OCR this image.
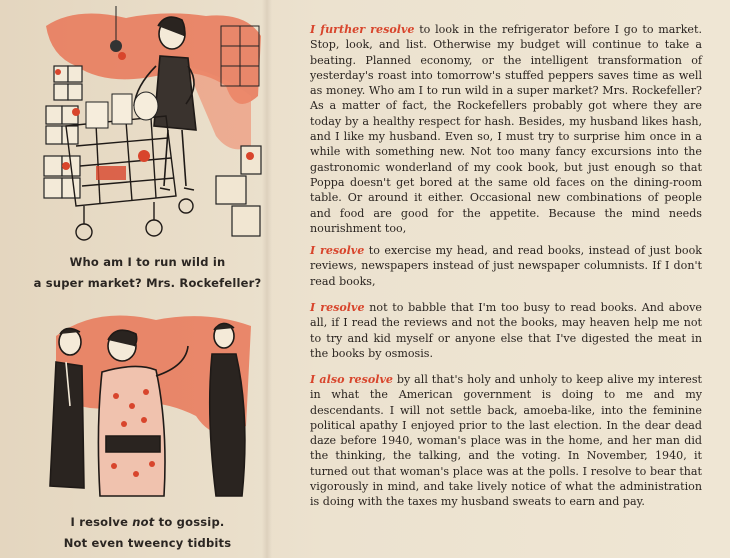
Who am I to run wild in
a super market? Mrs. Rockefeller?
I resolve not to gossip.
Not even tweency tidbits

I further resolve to look in the refrigerator before I go to market. Stop, look, and list. Otherwise my budget will continue to take a beating. Planned economy, or the intelligent transformation of yesterday's roast into tomorrow's stuffed peppers saves time as well as money. Who am I to run wild in a super market? Mrs. Rockefeller? As a matter of fact, the Rockefellers probably got where they are today by a healthy respect for hash. Besides, my husband likes hash, and I like my husband. Even so, I must try to surprise him once in a while with something new. Not too many fancy excursions into the gastronomic wonderland of my cook book, but just enough so that Poppa doesn't get bored at the same old faces on the dining-room table. Or around it either. Occasional new combinations of people and food are good for the appetite. Because the mind needs nourishment too,

I resolve to exercise my head, and read books, instead of just book reviews, newspapers instead of just newspaper columnists. If I don't read books,

I resolve not to babble that I'm too busy to read books. And above all, if I read the reviews and not the books, may heaven help me not to try and kid myself or anyone else that I've digested the meat in the books by osmosis.

I also resolve by all that's holy and unholy to keep alive my interest in what the American government is doing to me and my descendants. I will not settle back, amoeba-like, into the feminine political apathy I enjoyed prior to the last election. In the dear dead daze before 1940, woman's place was in the home, and her man did the thinking, the talking, and the voting. In November, 1940, it turned out that woman's place was at the polls. I resolve to bear that vigorously in mind, and take lively notice of what the administration is doing with the taxes my husband sweats to earn and pay.
